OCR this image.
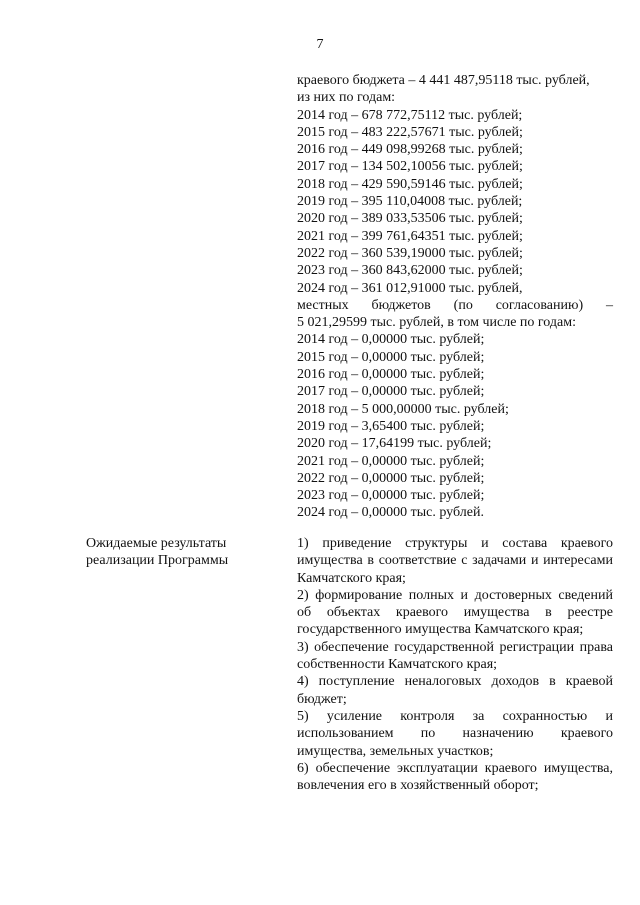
7
краевого бюджета – 4 441 487,95118 тыс. рублей,
из них по годам:
2014 год – 678 772,75112 тыс. рублей;
2015 год – 483 222,57671 тыс. рублей;
2016 год – 449 098,99268 тыс. рублей;
2017 год – 134 502,10056 тыс. рублей;
2018 год – 429 590,59146 тыс. рублей;
2019 год – 395 110,04008 тыс. рублей;
2020 год – 389 033,53506 тыс. рублей;
2021 год – 399 761,64351 тыс. рублей;
2022 год – 360 539,19000 тыс. рублей;
2023 год – 360 843,62000 тыс. рублей;
2024 год – 361 012,91000 тыс. рублей,
местных бюджетов (по согласованию) –
5 021,29599 тыс. рублей, в том числе по годам:
2014 год – 0,00000 тыс. рублей;
2015 год – 0,00000 тыс. рублей;
2016 год – 0,00000 тыс. рублей;
2017 год – 0,00000 тыс. рублей;
2018 год – 5 000,00000 тыс. рублей;
2019 год – 3,65400 тыс. рублей;
2020 год – 17,64199 тыс. рублей;
2021 год – 0,00000 тыс. рублей;
2022 год – 0,00000 тыс. рублей;
2023 год – 0,00000 тыс. рублей;
2024 год – 0,00000 тыс. рублей.
Ожидаемые результаты
реализации Программы
1) приведение структуры и состава краевого имущества в соответствие с задачами и интересами Камчатского края;
2) формирование полных и достоверных сведений об объектах краевого имущества в реестре государственного имущества Камчатского края;
3) обеспечение государственной регистрации права собственности Камчатского края;
4) поступление неналоговых доходов в краевой бюджет;
5) усиление контроля за сохранностью и использованием по назначению краевого имущества, земельных участков;
6) обеспечение эксплуатации краевого имущества, вовлечения его в хозяйственный оборот;
